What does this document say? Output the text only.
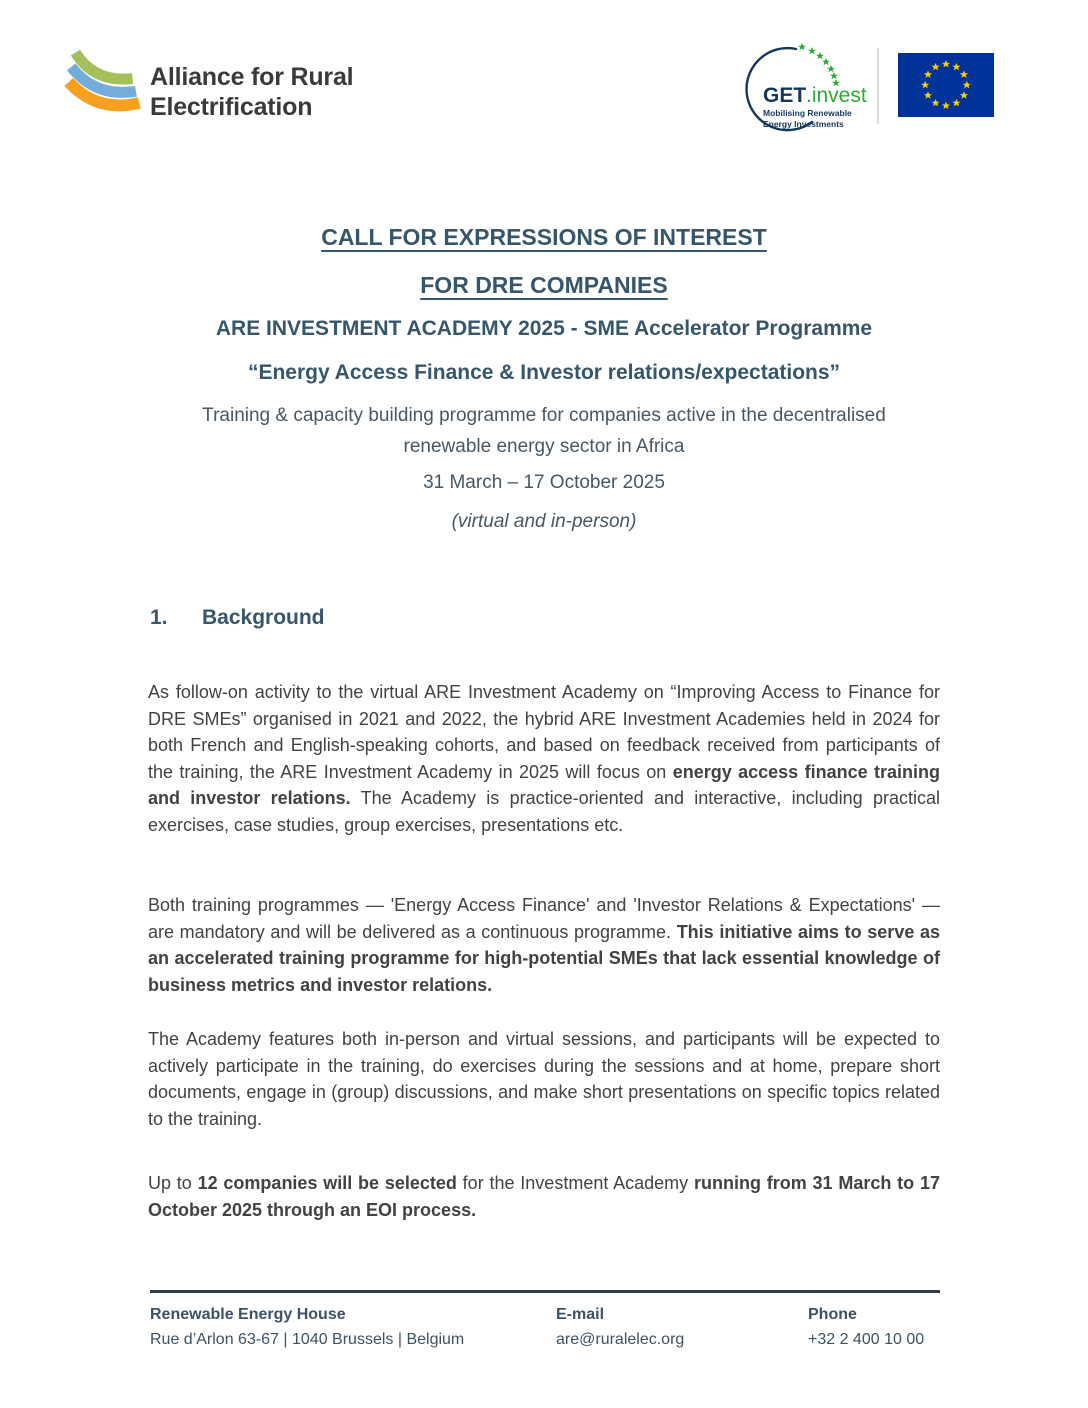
Alliance for Rural
Electrification	GET .invest
Mobilising Renewable
Energy Investments
CALL FOR EXPRESSIONS OF INTEREST
FOR DRE COMPANIES
ARE INVESTMENT ACADEMY 2025 - SME Accelerator Programme
“Energy Access Finance & Investor relations/expectations”
Training & capacity building programme for companies active in the decentralised renewable energy sector in Africa
31 March – 17 October 2025
(virtual and in-person)
1. Background

As follow-on activity to the virtual ARE Investment Academy on “Improving Access to Finance for DRE SMEs” organised in 2021 and 2022, the hybrid ARE Investment Academies held in 2024 for both French and English-speaking cohorts, and based on feedback received from participants of the training, the ARE Investment Academy in 2025 will focus on energy access finance training and investor relations. The Academy is practice-oriented and interactive, including practical exercises, case studies, group exercises, presentations etc.

Both training programmes — 'Energy Access Finance' and 'Investor Relations & Expectations' — are mandatory and will be delivered as a continuous programme. This initiative aims to serve as an accelerated training programme for high-potential SMEs that lack essential knowledge of business metrics and investor relations.

The Academy features both in-person and virtual sessions, and participants will be expected to actively participate in the training, do exercises during the sessions and at home, prepare short documents, engage in (group) discussions, and make short presentations on specific topics related to the training.

Up to 12 companies will be selected for the Investment Academy running from 31 March to 17 October 2025 through an EOI process.

Renewable Energy House
Rue d’Arlon 63-67 | 1040 Brussels | Belgium
E-mail
are@ruralelec.org
Phone
+32 2 400 10 00
